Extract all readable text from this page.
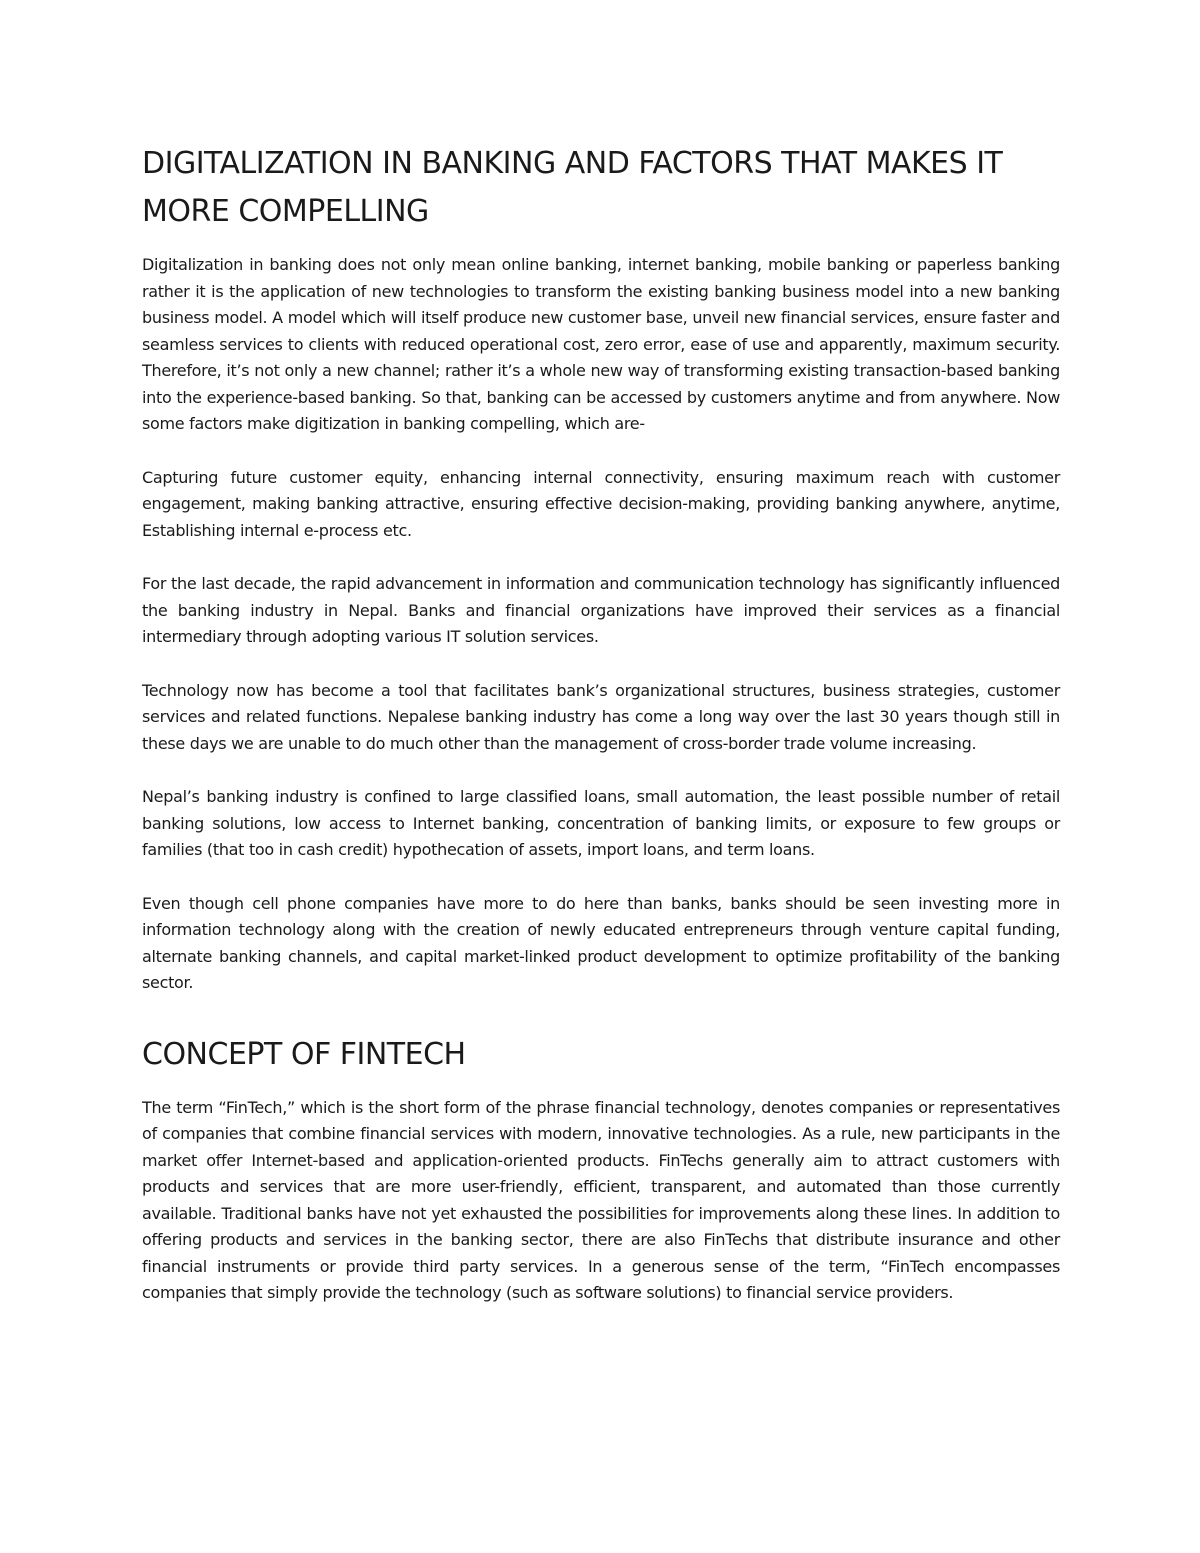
DIGITALIZATION IN BANKING AND FACTORS THAT MAKES IT MORE COMPELLING

Digitalization in banking does not only mean online banking, internet banking, mobile banking or paperless banking rather it is the application of new technologies to transform the existing banking business model into a new banking business model. A model which will itself produce new customer base, unveil new financial services, ensure faster and seamless services to clients with reduced operational cost, zero error, ease of use and apparently, maximum security. Therefore, it’s not only a new channel; rather it’s a whole new way of transforming existing transaction-based banking into the experience-based banking. So that, banking can be accessed by customers anytime and from anywhere. Now some factors make digitization in banking compelling, which are-

Capturing future customer equity, enhancing internal connectivity, ensuring maximum reach with customer engagement, making banking attractive, ensuring effective decision-making, providing banking anywhere, anytime, Establishing internal e-process etc.

For the last decade, the rapid advancement in information and communication technology has significantly influenced the banking industry in Nepal. Banks and financial organizations have improved their services as a financial intermediary through adopting various IT solution services.

Technology now has become a tool that facilitates bank’s organizational structures, business strategies, customer services and related functions. Nepalese banking industry has come a long way over the last 30 years though still in these days we are unable to do much other than the management of cross-border trade volume increasing.

Nepal’s banking industry is confined to large classified loans, small automation, the least possible number of retail banking solutions, low access to Internet banking, concentration of banking limits, or exposure to few groups or families (that too in cash credit) hypothecation of assets, import loans, and term loans.

Even though cell phone companies have more to do here than banks, banks should be seen investing more in information technology along with the creation of newly educated entrepreneurs through venture capital funding, alternate banking channels, and capital market-linked product development to optimize profitability of the banking sector.

CONCEPT OF FINTECH

The term “FinTech,” which is the short form of the phrase financial technology, denotes companies or representatives of companies that combine financial services with modern, innovative technologies. As a rule, new participants in the market offer Internet-based and application-oriented products. FinTechs generally aim to attract customers with products and services that are more user-friendly, efficient, transparent, and automated than those currently available. Traditional banks have not yet exhausted the possibilities for improvements along these lines. In addition to offering products and services in the banking sector, there are also FinTechs that distribute insurance and other financial instruments or provide third party services. In a generous sense of the term, “FinTech encompasses companies that simply provide the technology (such as software solutions) to financial service providers.
